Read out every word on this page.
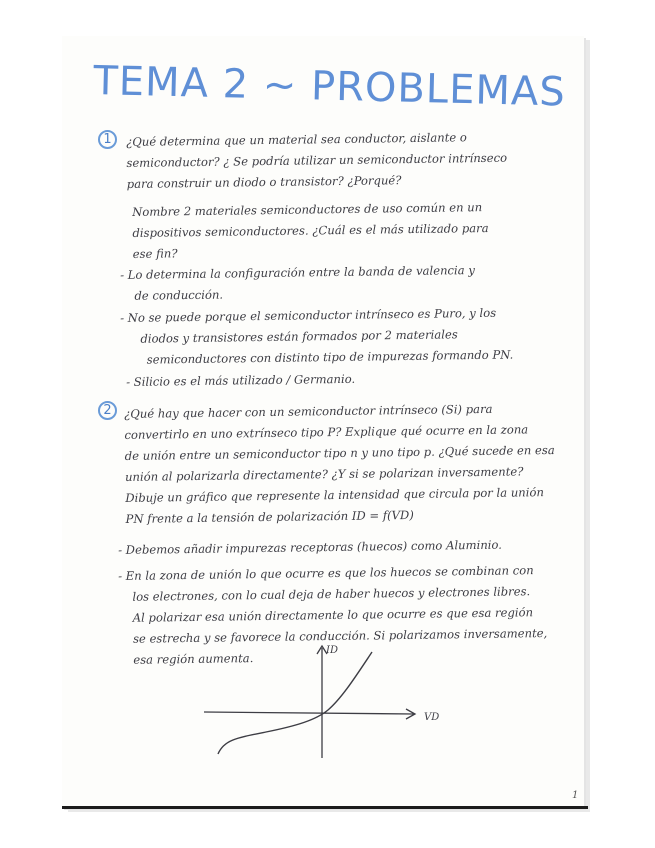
TEMA 2 ~ PROBLEMAS
1	¿Qué determina que un material sea conductor, aislante o
semiconductor? ¿ Se podría utilizar un semiconductor intrínseco
para construir un diodo o transistor? ¿Porqué?
Nombre 2 materiales semiconductores de uso común en un
dispositivos semiconductores. ¿Cuál es el más utilizado para
ese fin?
- Lo determina la configuración entre la banda de valencia y
de conducción.
- No se puede porque el semiconductor intrínseco es Puro, y los
diodos y transistores están formados por 2 materiales
semiconductores con distinto tipo de impurezas formando PN.
- Silicio es el más utilizado / Germanio.
2	¿Qué hay que hacer con un semiconductor intrínseco (Si) para
convertirlo en uno extrínseco tipo P? Explique qué ocurre en la zona
de unión entre un semiconductor tipo n y uno tipo p. ¿Qué sucede en esa
unión al polarizarla directamente? ¿Y si se polarizan inversamente?
Dibuje un gráfico que represente la intensidad que circula por la unión
PN frente a la tensión de polarización ID = f(VD)
- Debemos añadir impurezas receptoras (huecos) como Aluminio.
- En la zona de unión lo que ocurre es que los huecos se combinan con
los electrones, con lo cual deja de haber huecos y electrones libres.
Al polarizar esa unión directamente lo que ocurre es que esa región
se estrecha y se favorece la conducción. Si polarizamos inversamente,
esa región aumenta.
ID
VD
1
